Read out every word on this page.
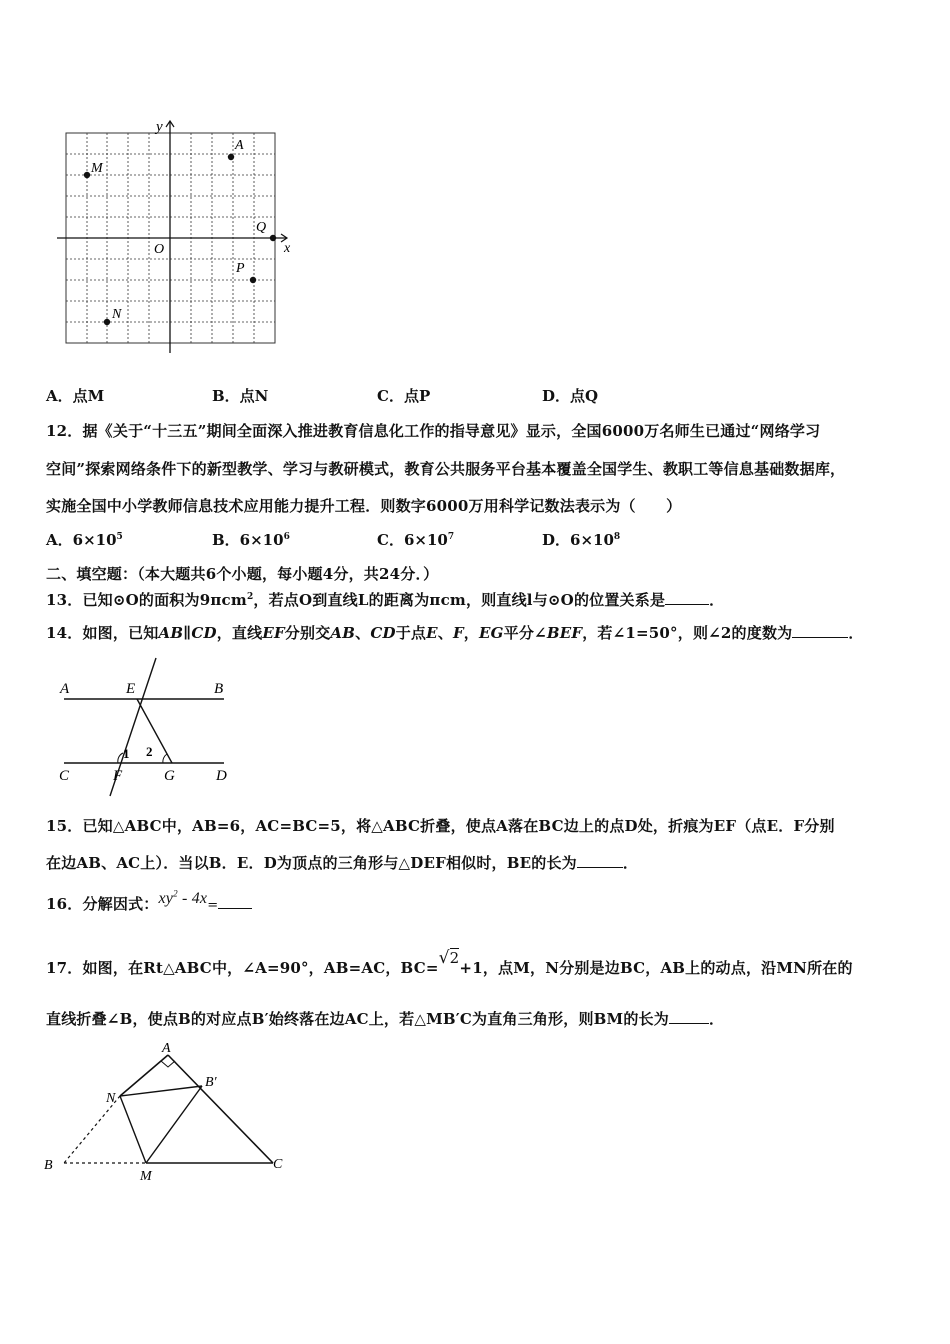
y
x
O
M
A
Q
P
N
A．点M	B．点N	C．点P	D．点Q
12．据《关于“十三五”期间全面深入推进教育信息化工作的指导意见》显示，全国6000万名师生已通过“网络学习
空间”探索网络条件下的新型教学、学习与教研模式，教育公共服务平台基本覆盖全国学生、教职工等信息基础数据库，
实施全国中小学教师信息技术应用能力提升工程．则数字6000万用科学记数法表示为（　　）
A．$6\times 10^5$	B．$6\times 10^6$	C．$6\times 10^7$	D．$6\times 10^8$
二、填空题：（本大题共6个小题，每小题4分，共24分．）
13．已知⊙O的面积为9πcm$^2$，若点O到直线L的距离为πcm，则直线l与⊙O的位置关系是	．
14．如图，已知AB∥CD，直线EF分别交AB、CD于点E、F，EG平分∠BEF，若∠1=50°，则∠2的度数为	．
A	E	B
C	F	G	D
1 2
15．已知△ABC中，AB=6，AC=BC=5，将△ABC折叠，使点A落在BC边上的点D处，折痕为EF（点E．F分别
在边AB、AC上）．当以B．E．D为顶点的三角形与△DEF相似时，BE的长为	．
16．分解因式：$xy^2 - 4x=$
17．如图，在Rt△ABC中，∠A=90°，AB=AC，BC=√2+1，点M，N分别是边BC，AB上的动点，沿MN所在的
直线折叠∠B，使点B的对应点B′始终落在边AC上，若△MB′C为直角三角形，则BM的长为	．
A
B′
N
B
M
C
